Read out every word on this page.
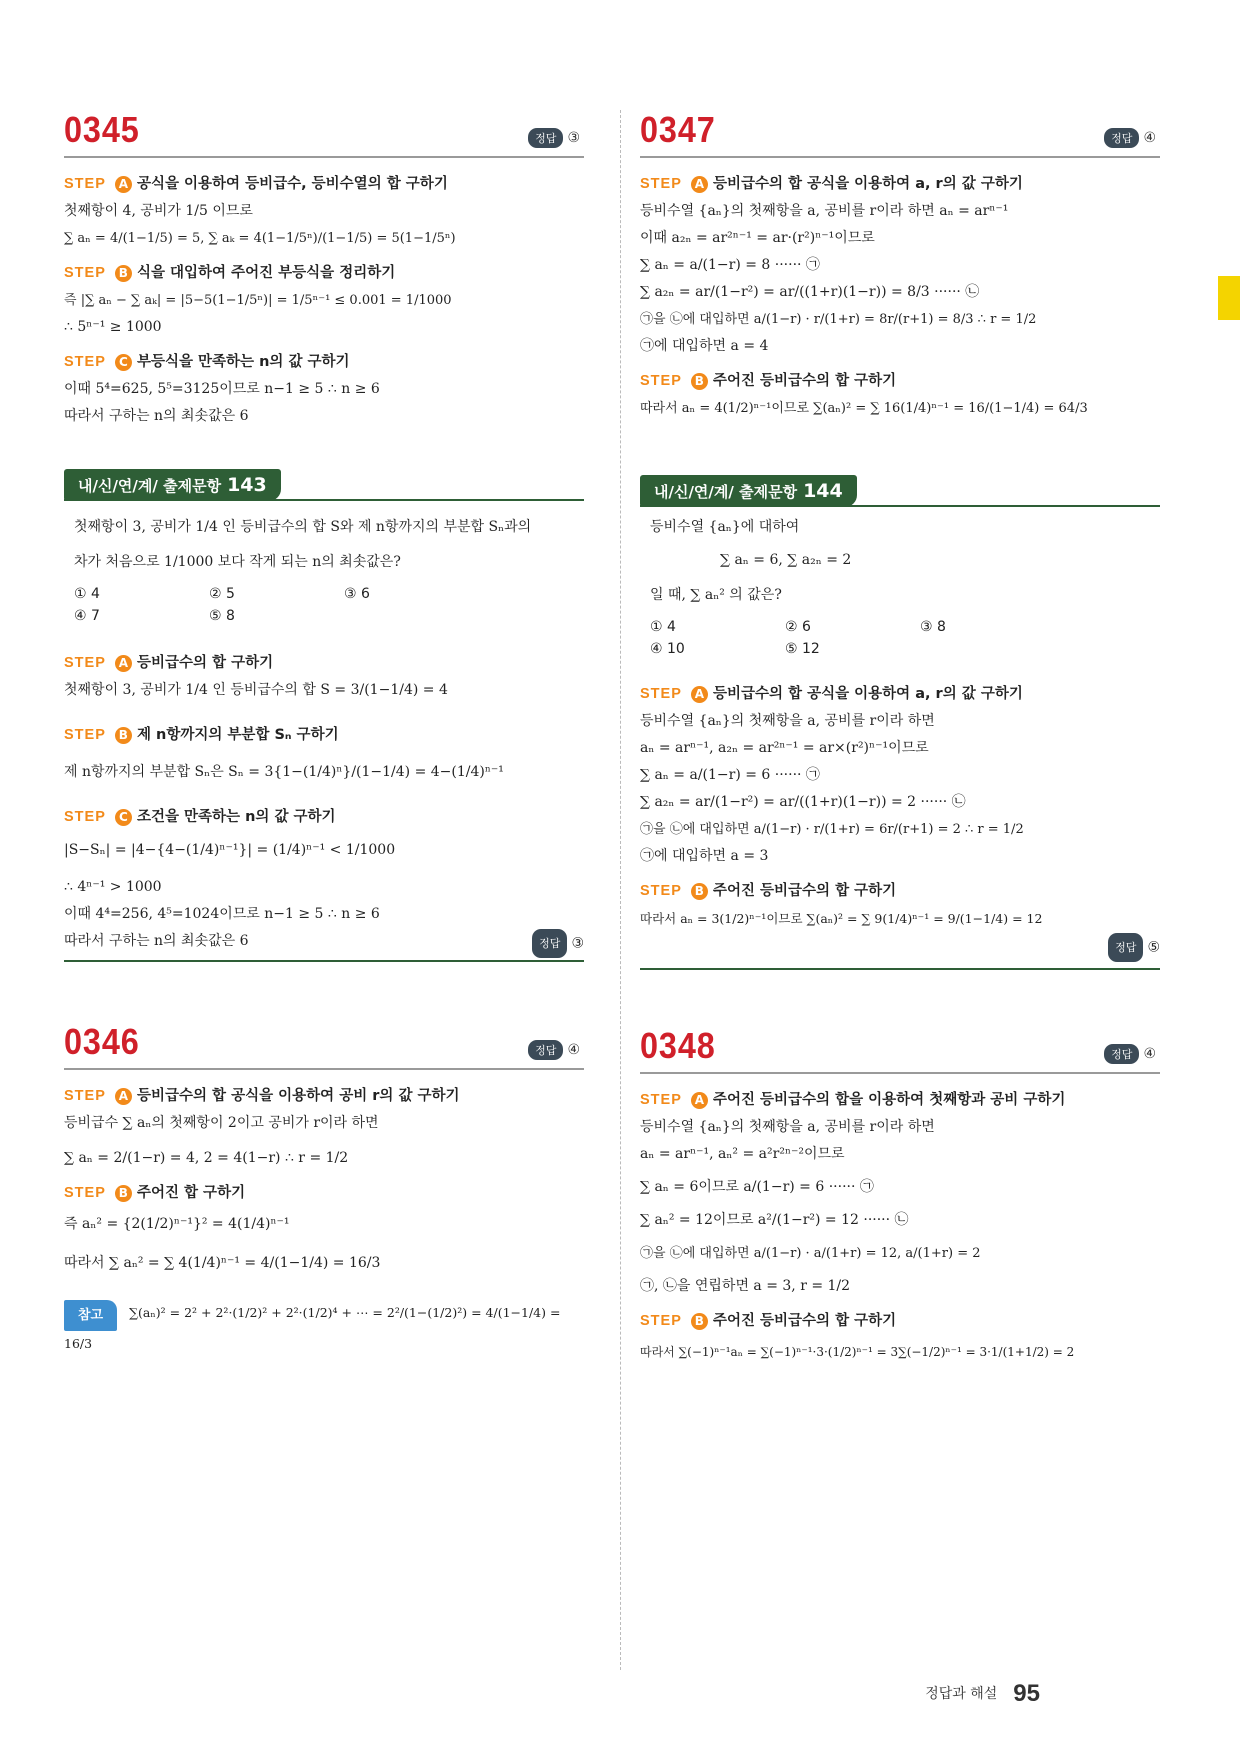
0345	정답 ③
STEP A 공식을 이용하여 등비급수, 등비수열의 합 구하기
첫째항이 4, 공비가 1/5 이므로
∑ aₙ = 4/(1−1/5) = 5, ∑ aₖ = 4(1−1/5ⁿ)/(1−1/5) = 5(1−1/5ⁿ)
STEP B 식을 대입하여 주어진 부등식을 정리하기
즉 |∑ aₙ − ∑ aₖ| = |5−5(1−1/5ⁿ)| = 1/5ⁿ⁻¹ ≤ 0.001 = 1/1000
∴ 5ⁿ⁻¹ ≥ 1000
STEP C 부등식을 만족하는 n의 값 구하기
이때 5⁴=625, 5⁵=3125이므로 n−1 ≥ 5 ∴ n ≥ 6
따라서 구하는 n의 최솟값은 6
내/신/연/계/ 출제문항 143
첫째항이 3, 공비가 1/4 인 등비급수의 합 S와 제 n항까지의 부분합 Sₙ과의
차가 처음으로 1/1000 보다 작게 되는 n의 최솟값은?
① 4	② 5	③ 6
④ 7	⑤ 8
STEP A 등비급수의 합 구하기
첫째항이 3, 공비가 1/4 인 등비급수의 합 S = 3/(1−1/4) = 4
STEP B 제 n항까지의 부분합 Sₙ 구하기
제 n항까지의 부분합 Sₙ은 Sₙ = 3{1−(1/4)ⁿ}/(1−1/4) = 4−(1/4)ⁿ⁻¹
STEP C 조건을 만족하는 n의 값 구하기
|S−Sₙ| = |4−{4−(1/4)ⁿ⁻¹}| = (1/4)ⁿ⁻¹ < 1/1000
∴ 4ⁿ⁻¹ > 1000
이때 4⁴=256, 4⁵=1024이므로 n−1 ≥ 5 ∴ n ≥ 6
따라서 구하는 n의 최솟값은 6	정답 ③
0346	정답 ④
STEP A 등비급수의 합 공식을 이용하여 공비 r의 값 구하기
등비급수 ∑ aₙ의 첫째항이 2이고 공비가 r이라 하면
∑ aₙ = 2/(1−r) = 4, 2 = 4(1−r) ∴ r = 1/2
STEP B 주어진 합 구하기
즉 aₙ² = {2(1/2)ⁿ⁻¹}² = 4(1/4)ⁿ⁻¹
따라서 ∑ aₙ² = ∑ 4(1/4)ⁿ⁻¹ = 4/(1−1/4) = 16/3
참고 ∑(aₙ)² = 2² + 2²·(1/2)² + 2²·(1/2)⁴ + ⋯ = 2²/(1−(1/2)²) = 4/(1−1/4) = 16/3
0347	정답 ④
STEP A 등비급수의 합 공식을 이용하여 a, r의 값 구하기
등비수열 {aₙ}의 첫째항을 a, 공비를 r이라 하면 aₙ = arⁿ⁻¹
이때 a₂ₙ = ar²ⁿ⁻¹ = ar·(r²)ⁿ⁻¹이므로
∑ aₙ = a/(1−r) = 8 ······ ㉠
∑ a₂ₙ = ar/(1−r²) = ar/((1+r)(1−r)) = 8/3 ······ ㉡
㉠을 ㉡에 대입하면 a/(1−r) · r/(1+r) = 8r/(r+1) = 8/3 ∴ r = 1/2
㉠에 대입하면 a = 4
STEP B 주어진 등비급수의 합 구하기
따라서 aₙ = 4(1/2)ⁿ⁻¹이므로 ∑(aₙ)² = ∑ 16(1/4)ⁿ⁻¹ = 16/(1−1/4) = 64/3
내/신/연/계/ 출제문항 144
등비수열 {aₙ}에 대하여
∑ aₙ = 6, ∑ a₂ₙ = 2
일 때, ∑ aₙ² 의 값은?
① 4	② 6	③ 8
④ 10	⑤ 12
STEP A 등비급수의 합 공식을 이용하여 a, r의 값 구하기
등비수열 {aₙ}의 첫째항을 a, 공비를 r이라 하면
aₙ = arⁿ⁻¹, a₂ₙ = ar²ⁿ⁻¹ = ar×(r²)ⁿ⁻¹이므로
∑ aₙ = a/(1−r) = 6 ······ ㉠
∑ a₂ₙ = ar/(1−r²) = ar/((1+r)(1−r)) = 2 ······ ㉡
㉠을 ㉡에 대입하면 a/(1−r) · r/(1+r) = 6r/(r+1) = 2 ∴ r = 1/2
㉠에 대입하면 a = 3
STEP B 주어진 등비급수의 합 구하기
따라서 aₙ = 3(1/2)ⁿ⁻¹이므로 ∑(aₙ)² = ∑ 9(1/4)ⁿ⁻¹ = 9/(1−1/4) = 12
정답 ⑤
0348	정답 ④
STEP A 주어진 등비급수의 합을 이용하여 첫째항과 공비 구하기
등비수열 {aₙ}의 첫째항을 a, 공비를 r이라 하면
aₙ = arⁿ⁻¹, aₙ² = a²r²ⁿ⁻²이므로
∑ aₙ = 6이므로 a/(1−r) = 6 ······ ㉠
∑ aₙ² = 12이므로 a²/(1−r²) = 12 ······ ㉡
㉠을 ㉡에 대입하면 a/(1−r) · a/(1+r) = 12, a/(1+r) = 2
㉠, ㉡을 연립하면 a = 3, r = 1/2
STEP B 주어진 등비급수의 합 구하기
따라서 ∑(−1)ⁿ⁻¹aₙ = ∑(−1)ⁿ⁻¹·3·(1/2)ⁿ⁻¹ = 3∑(−1/2)ⁿ⁻¹ = 3·1/(1+1/2) = 2
정답과 해설 95
